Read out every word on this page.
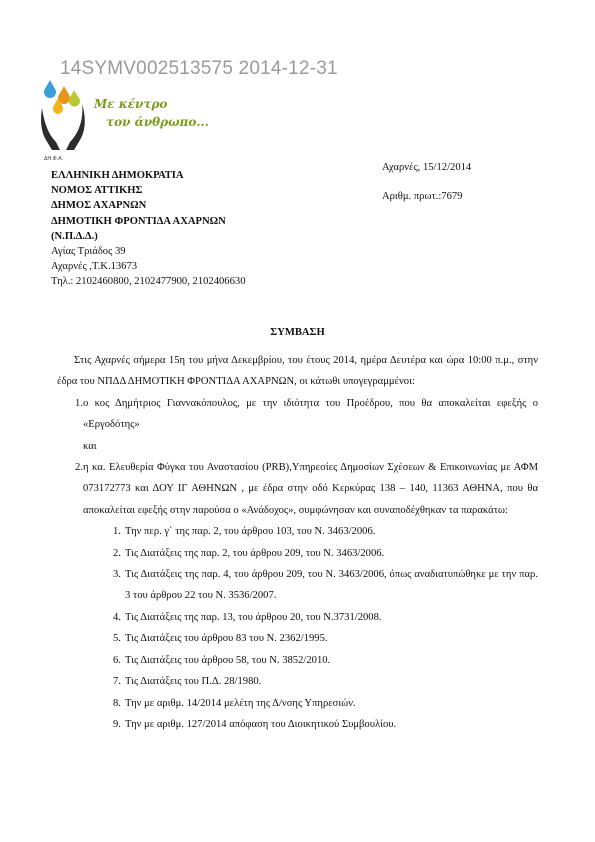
14SYMV002513575 2014-12-31
Με κέντρο
τον άνθρωπο...
ΔΗ.Φ.Α.
Αχαρνές, 15/12/2014
Αριθμ. πρωτ.:7679
ΕΛΛΗΝΙΚΗ ΔΗΜΟΚΡΑΤΙΑ
ΝΟΜΟΣ ΑΤΤΙΚΗΣ
ΔΗΜΟΣ ΑΧΑΡΝΩΝ
ΔΗΜΟΤΙΚΗ ΦΡΟΝΤΙΔΑ ΑΧΑΡΝΩΝ
(Ν.Π.Δ.Δ.)
Αγίας Τριάδος 39
Αχαρνές ,Τ.Κ.13673
Τηλ.: 2102460800, 2102477900, 2102406630
ΣΥΜΒΑΣΗ

Στις Αχαρνές σήμερα 15η του μήνα Δεκεμβρίου, του έτους 2014, ημέρα Δευτέρα και ώρα 10:00 π.μ., στην έδρα του ΝΠΔΔ ΔΗΜΟΤΙΚΗ ΦΡΟΝΤΙΔΑ ΑΧΑΡΝΩΝ, οι κάτωθι υπογεγραμμένοι:

1. ο κος Δημήτριος Γιαννακόπουλος, με την ιδιότητα του Προέδρου, που θα αποκαλείται εφεξής ο «Εργοδότης»
και
2. η κα. Ελευθερία Φύγκα του Αναστασίου (PRB),Υπηρεσίες Δημοσίων Σχέσεων & Επικοινωνίας με ΑΦΜ 073172773 και ΔΟΥ ΙΓ ΑΘΗΝΩΝ , με έδρα στην οδό Κερκύρας 138 – 140, 11363 ΑΘΗΝΑ, που θα αποκαλείται εφεξής στην παρούσα ο «Ανάδοχος», συμφώνησαν και συναποδέχθηκαν τα παρακάτω:
1. Την περ. γ΄ της παρ. 2, του άρθρου 103, του Ν. 3463/2006.
2. Τις Διατάξεις της παρ. 2, του άρθρου 209, του Ν. 3463/2006.
3. Τις Διατάξεις της παρ. 4, του άρθρου 209, του Ν. 3463/2006, όπως αναδιατυπώθηκε με την παρ. 3 του άρθρου 22 του Ν. 3536/2007.
4. Τις Διατάξεις της παρ. 13, του άρθρου 20, του Ν.3731/2008.
5. Τις Διατάξεις του άρθρου 83 του Ν. 2362/1995.
6. Τις Διατάξεις του άρθρου 58, του Ν. 3852/2010.
7. Τις Διατάξεις του Π.Δ. 28/1980.
8. Την με αριθμ. 14/2014 μελέτη της Δ/νσης Υπηρεσιών.
9. Την με αριθμ. 127/2014 απόφαση του Διοικητικού Συμβουλίου.
